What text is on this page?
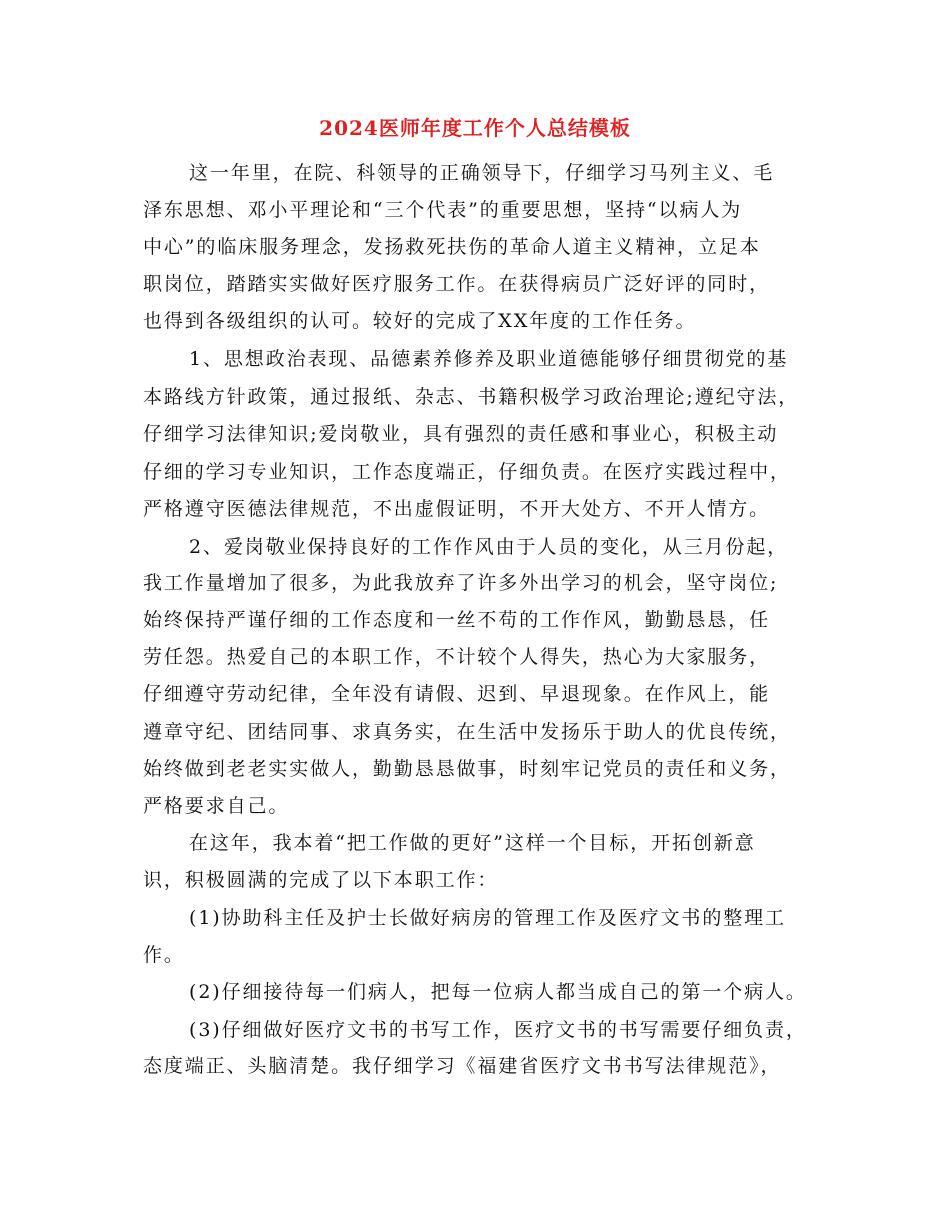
2024医师年度工作个人总结模板
这一年里，在院、科领导的正确领导下，仔细学习马列主义、毛
泽东思想、邓小平理论和“三个代表”的重要思想，坚持“以病人为
中心”的临床服务理念，发扬救死扶伤的革命人道主义精神，立足本
职岗位，踏踏实实做好医疗服务工作。在获得病员广泛好评的同时，
也得到各级组织的认可。较好的完成了XX年度的工作任务。
1、思想政治表现、品德素养修养及职业道德能够仔细贯彻党的基
本路线方针政策，通过报纸、杂志、书籍积极学习政治理论;遵纪守法，
仔细学习法律知识;爱岗敬业，具有强烈的责任感和事业心，积极主动
仔细的学习专业知识，工作态度端正，仔细负责。在医疗实践过程中，
严格遵守医德法律规范，不出虚假证明，不开大处方、不开人情方。
2、爱岗敬业保持良好的工作作风由于人员的变化，从三月份起，
我工作量增加了很多，为此我放弃了许多外出学习的机会，坚守岗位;
始终保持严谨仔细的工作态度和一丝不苟的工作作风，勤勤恳恳，任
劳任怨。热爱自己的本职工作，不计较个人得失，热心为大家服务，
仔细遵守劳动纪律，全年没有请假、迟到、早退现象。在作风上，能
遵章守纪、团结同事、求真务实，在生活中发扬乐于助人的优良传统，
始终做到老老实实做人，勤勤恳恳做事，时刻牢记党员的责任和义务，
严格要求自己。
在这年，我本着“把工作做的更好”这样一个目标，开拓创新意
识，积极圆满的完成了以下本职工作：
(1)协助科主任及护士长做好病房的管理工作及医疗文书的整理工
作。
(2)仔细接待每一们病人，把每一位病人都当成自己的第一个病人。
(3)仔细做好医疗文书的书写工作，医疗文书的书写需要仔细负责，
态度端正、头脑清楚。我仔细学习《福建省医疗文书书写法律规范》，
